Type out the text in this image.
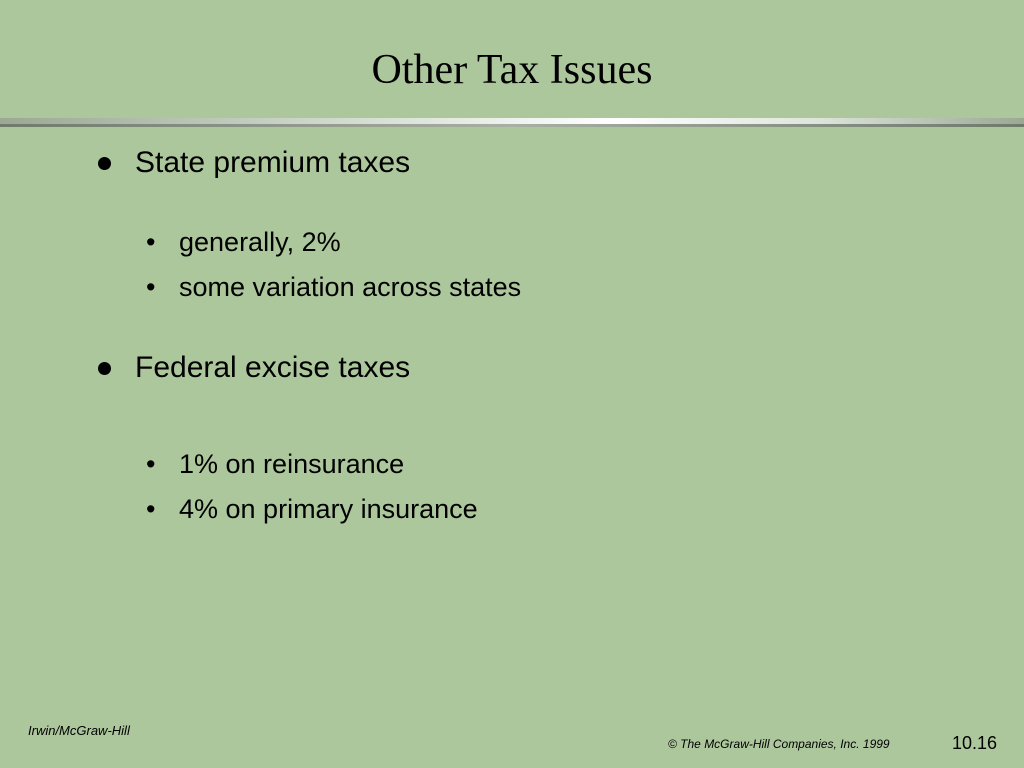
Other Tax Issues
State premium taxes
• generally, 2%
• some variation across states
Federal excise taxes
• 1% on reinsurance
• 4% on primary insurance
Irwin/McGraw-Hill
© The McGraw-Hill Companies, Inc. 1999	10.16
